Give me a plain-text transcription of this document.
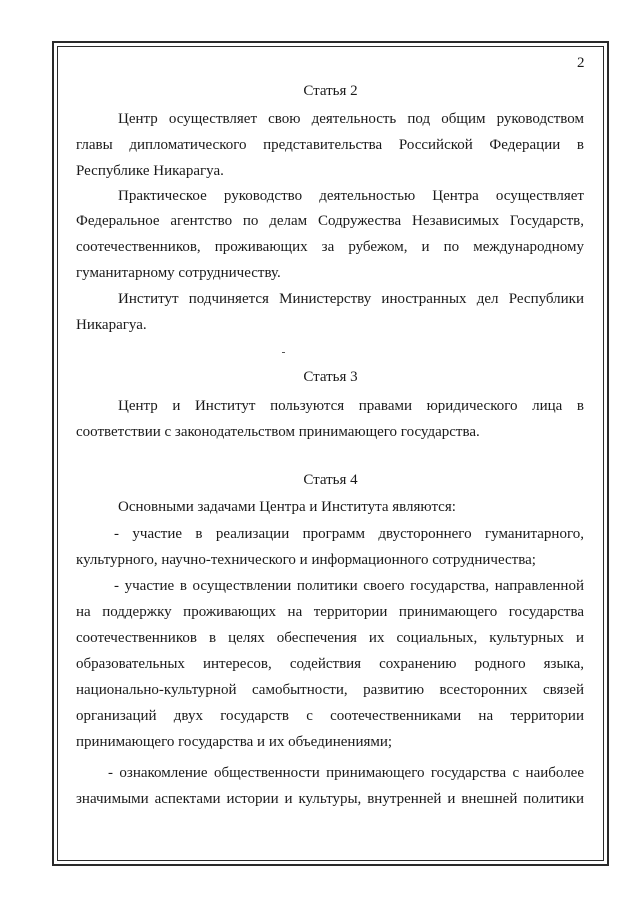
2
Статья 2
Центр осуществляет свою деятельность под общим руководством
главы дипломатического представительства Российской Федерации в
Республике Никарагуа.
Практическое руководство деятельностью Центра осуществляет
Федеральное агентство по делам Содружества Независимых Государств,
соотечественников, проживающих за рубежом, и по международному
гуманитарному сотрудничеству.
Институт подчиняется Министерству иностранных дел Республики
Никарагуа.
Статья 3
Центр и Институт пользуются правами юридического лица в
соответствии с законодательством принимающего государства.
Статья 4
Основными задачами Центра и Института являются:
- участие в реализации программ двустороннего гуманитарного,
культурного, научно-технического и информационного сотрудничества;
- участие в осуществлении политики своего государства, направленной
на поддержку проживающих на территории принимающего государства
соотечественников в целях обеспечения их социальных, культурных и
образовательных интересов, содействия сохранению родного языка,
национально-культурной самобытности, развитию всесторонних связей
организаций двух государств с соотечественниками на территории
принимающего государства и их объединениями;
- ознакомление общественности принимающего государства с наиболее
значимыми аспектами истории и культуры, внутренней и внешней политики
